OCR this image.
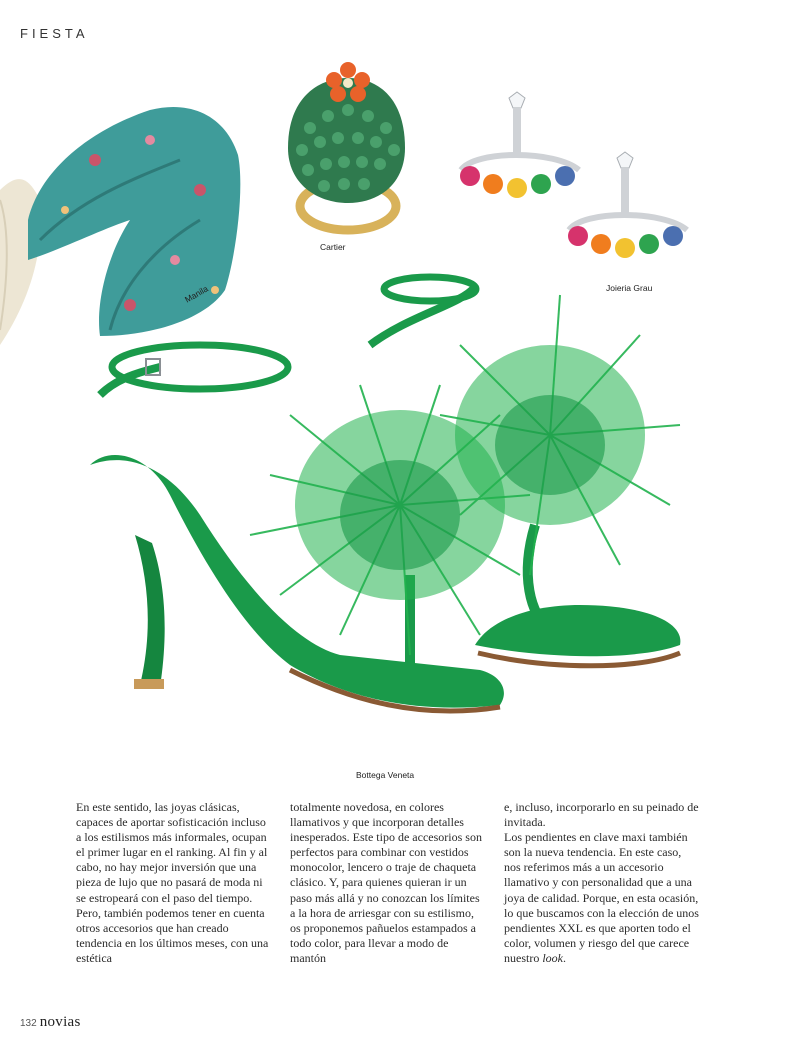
FIESTA
Manila
Cartier
Joieria Grau
Bottega Veneta

En este sentido, las joyas clásicas, capaces de aportar sofisticación incluso a los estilismos más informales, ocupan el primer lugar en el ranking. Al fin y al cabo, no hay mejor inversión que una pieza de lujo que no pasará de moda ni se estropeará con el paso del tiempo. Pero, también podemos tener en cuenta otros accesorios que han creado tendencia en los últimos meses, con una estética

totalmente novedosa, en colores llamativos y que incorporan detalles inesperados. Este tipo de accesorios son perfectos para combinar con vestidos monocolor, lencero o traje de chaqueta clásico. Y, para quienes quieran ir un paso más allá y no conozcan los límites a la hora de arriesgar con su estilismo, os proponemos pañuelos estampados a todo color, para llevar a modo de mantón

e, incluso, incorporarlo en su peinado de invitada.

Los pendientes en clave maxi también son la nueva tendencia. En este caso, nos referimos más a un accesorio llamativo y con personalidad que a una joya de calidad. Porque, en esta ocasión, lo que buscamos con la elección de unos pendientes XXL es que aporten todo el color, volumen y riesgo del que carece nuestro look.

132 novias
